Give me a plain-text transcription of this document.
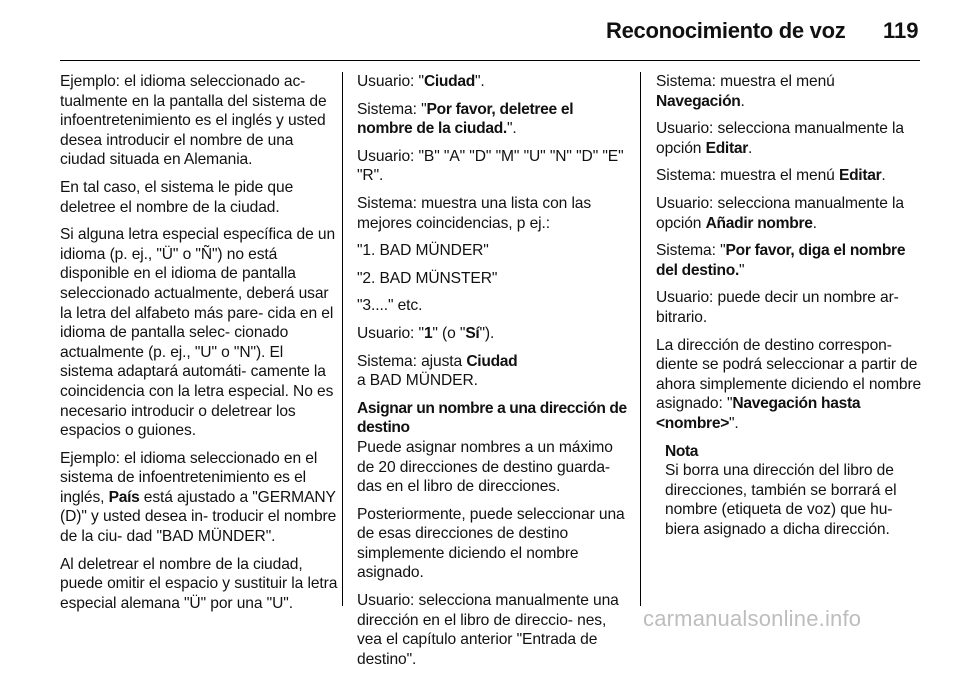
Reconocimiento de voz 119

Ejemplo: el idioma seleccionado ac- tualmente en la pantalla del sistema de infoentretenimiento es el inglés y usted desea introducir el nombre de una ciudad situada en Alemania.

En tal caso, el sistema le pide que deletree el nombre de la ciudad.

Si alguna letra especial específica de un idioma (p. ej., "Ü" o "Ñ") no está disponible en el idioma de pantalla seleccionado actualmente, deberá usar la letra del alfabeto más pare- cida en el idioma de pantalla selec- cionado actualmente (p. ej., "U" o "N"). El sistema adaptará automáti- camente la coincidencia con la letra especial. No es necesario introducir o deletrear los espacios o guiones.

Ejemplo: el idioma seleccionado en el sistema de infoentretenimiento es el inglés, País está ajustado a "GERMANY (D)" y usted desea in- troducir el nombre de la ciu- dad "BAD MÜNDER".

Al deletrear el nombre de la ciudad, puede omitir el espacio y sustituir la letra especial alemana "Ü" por una "U".

Usuario: "Ciudad".

Sistema: "Por favor, deletree el nombre de la ciudad.".

Usuario: "B" "A" "D" "M" "U" "N" "D" "E" "R".

Sistema: muestra una lista con las mejores coincidencias, p ej.:

"1. BAD MÜNDER"

"2. BAD MÜNSTER"

"3...." etc.

Usuario: "1" (o "Sí").

Sistema: ajusta Ciudad
a BAD MÜNDER.

Asignar un nombre a una dirección de destino

Puede asignar nombres a un máximo de 20 direcciones de destino guarda- das en el libro de direcciones.

Posteriormente, puede seleccionar una de esas direcciones de destino simplemente diciendo el nombre asignado.

Usuario: selecciona manualmente una dirección en el libro de direccio- nes, vea el capítulo anterior "Entrada de destino".

Sistema: muestra el menú
Navegación.

Usuario: selecciona manualmente la opción Editar.

Sistema: muestra el menú Editar.

Usuario: selecciona manualmente la opción Añadir nombre.

Sistema: "Por favor, diga el nombre del destino."

Usuario: puede decir un nombre ar- bitrario.

La dirección de destino correspon- diente se podrá seleccionar a partir de ahora simplemente diciendo el nombre asignado: "Navegación hasta <nombre>".

Nota
Si borra una dirección del libro de direcciones, también se borrará el nombre (etiqueta de voz) que hu- biera asignado a dicha dirección.
carmanualsonline.info
